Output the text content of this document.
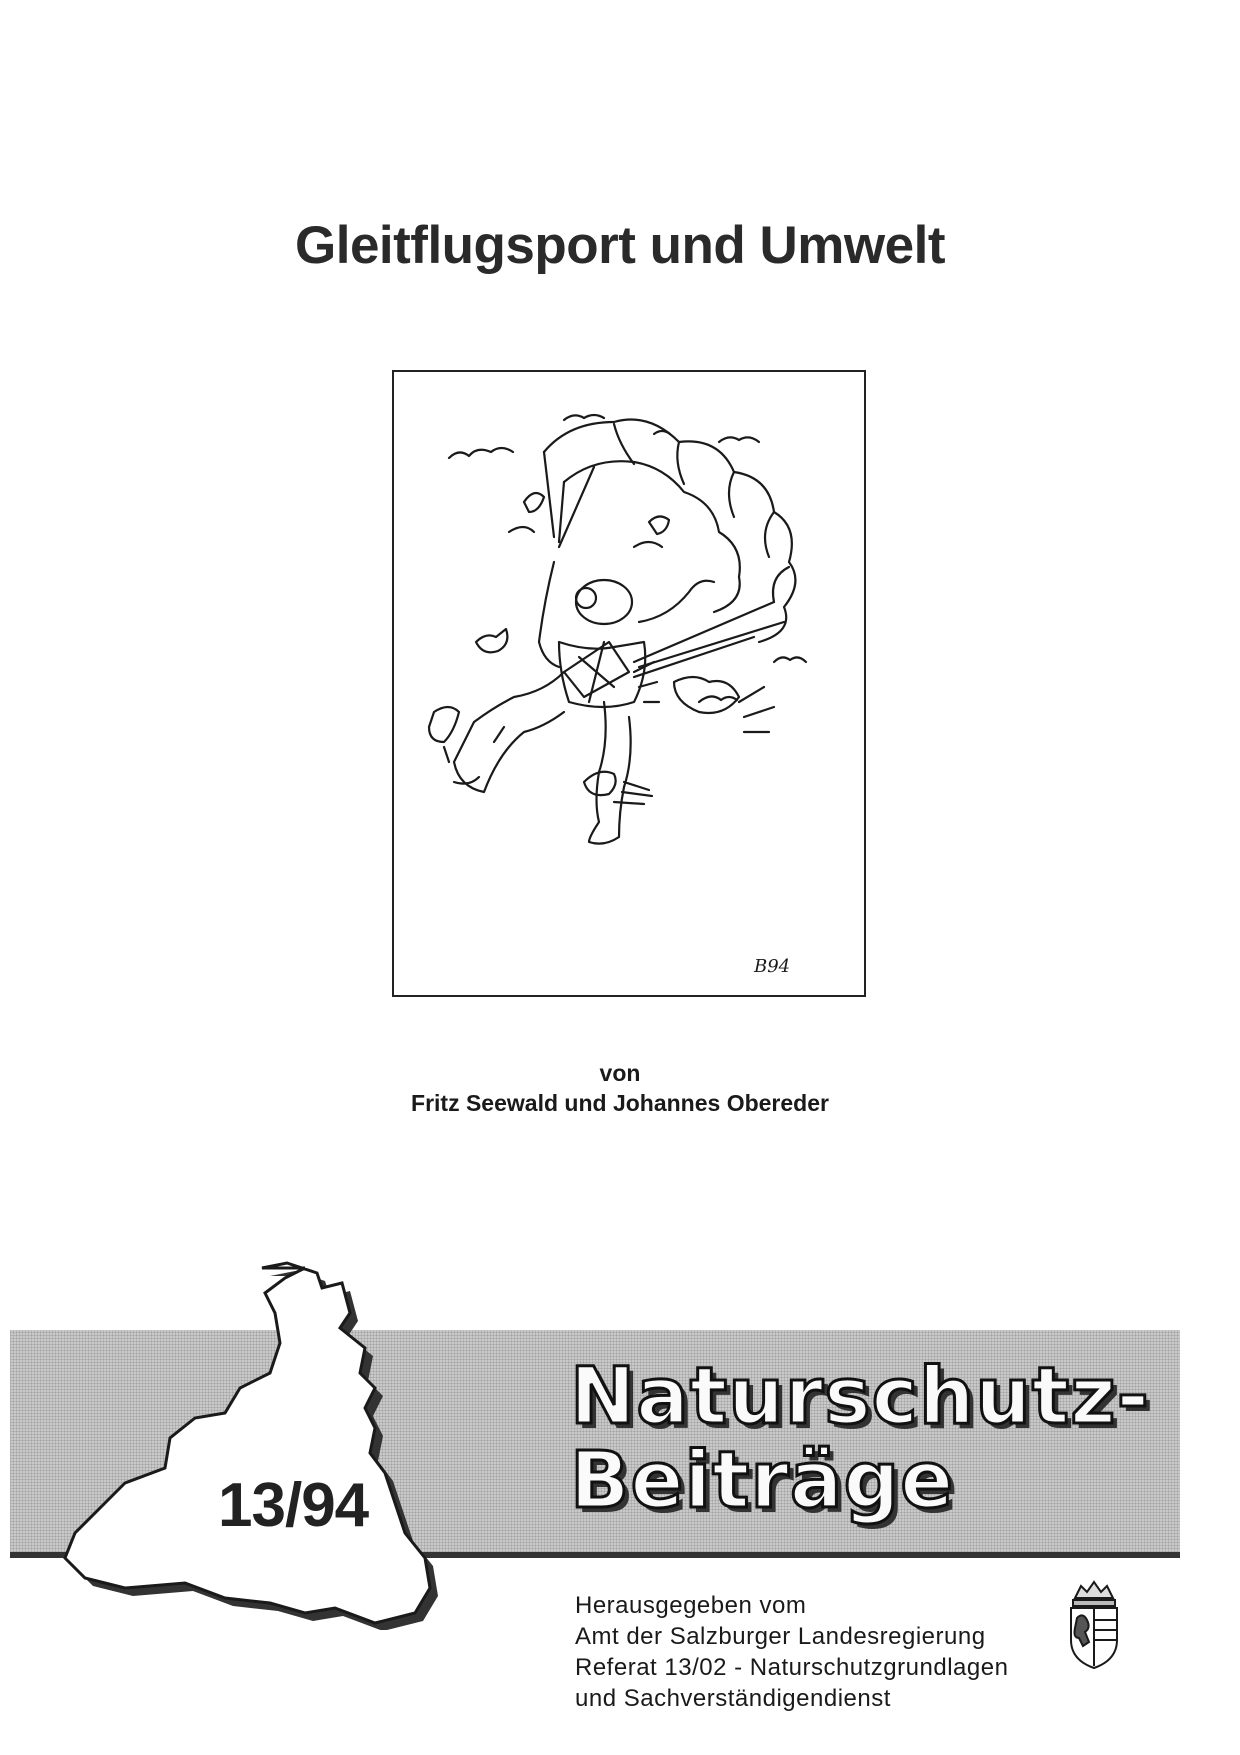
Gleitflugsport und Umwelt
B94
von
Fritz Seewald und Johannes Obereder
13/94
Naturschutz-
Beiträge
Herausgegeben vom
Amt der Salzburger Landesregierung
Referat 13/02 - Naturschutzgrundlagen
und Sachverständigendienst
